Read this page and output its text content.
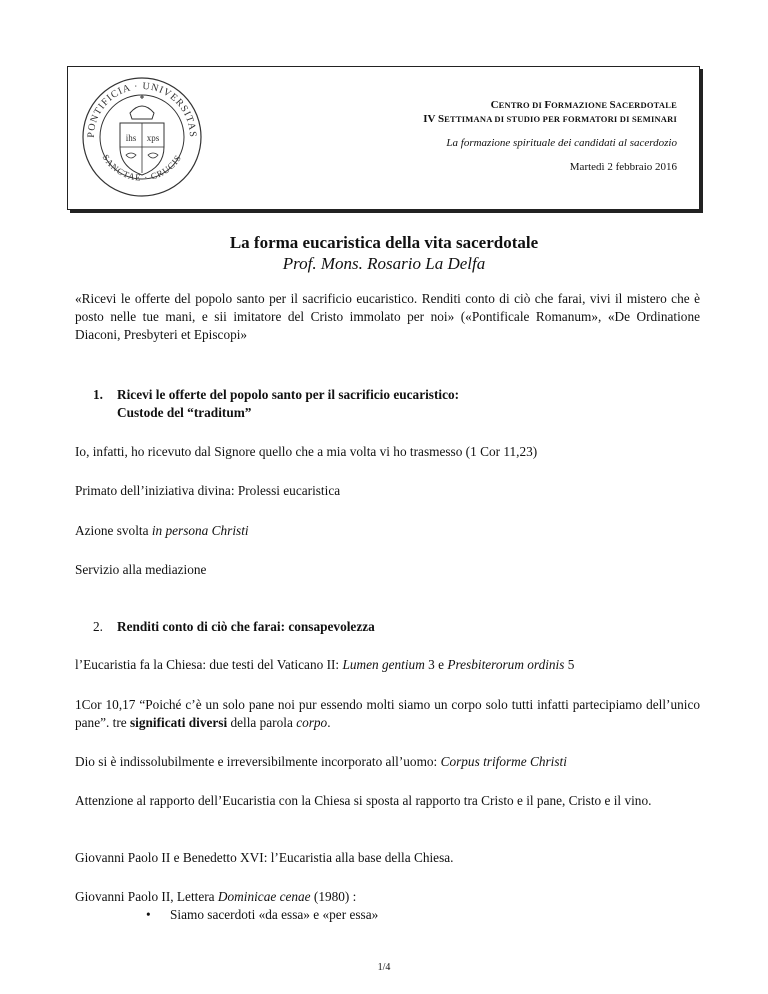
PONTIFICIA · UNIVERSITAS
SANCTAE · CRUCIS
ihs xps
CENTRO DI FORMAZIONE SACERDOTALE
IV SETTIMANA DI STUDIO PER FORMATORI DI SEMINARI
La formazione spirituale dei candidati al sacerdozio
Martedì 2 febbraio 2016
La forma eucaristica della vita sacerdotale
Prof. Mons. Rosario La Delfa
«Ricevi le offerte del popolo santo per il sacrificio eucaristico. Renditi conto di ciò che farai, vivi il mistero che è posto nelle tue mani, e sii imitatore del Cristo immolato per noi» («Pontificale Romanum», «De Ordinatione Diaconi, Presbyteri et Episcopi»
1. Ricevi le offerte del popolo santo per il sacrificio eucaristico:
Custode del “traditum”
Io, infatti, ho ricevuto dal Signore quello che a mia volta vi ho trasmesso (1 Cor 11,23)
Primato dell’iniziativa divina: Prolessi eucaristica
Azione svolta in persona Christi
Servizio alla mediazione
2. Renditi conto di ciò che farai: consapevolezza
l’Eucaristia fa la Chiesa: due testi del Vaticano II: Lumen gentium 3 e Presbiterorum ordinis 5
1Cor 10,17 “Poiché c’è un solo pane noi pur essendo molti siamo un corpo solo tutti infatti partecipiamo dell’unico pane”. tre significati diversi della parola corpo.
Dio si è indissolubilmente e irreversibilmente incorporato all’uomo: Corpus triforme Christi
Attenzione al rapporto dell’Eucaristia con la Chiesa si sposta al rapporto tra Cristo e il pane, Cristo e il vino.
Giovanni Paolo II e Benedetto XVI: l’Eucaristia alla base della Chiesa.
Giovanni Paolo II, Lettera Dominicae cenae (1980) :
• Siamo sacerdoti «da essa» e «per essa»
1/4
